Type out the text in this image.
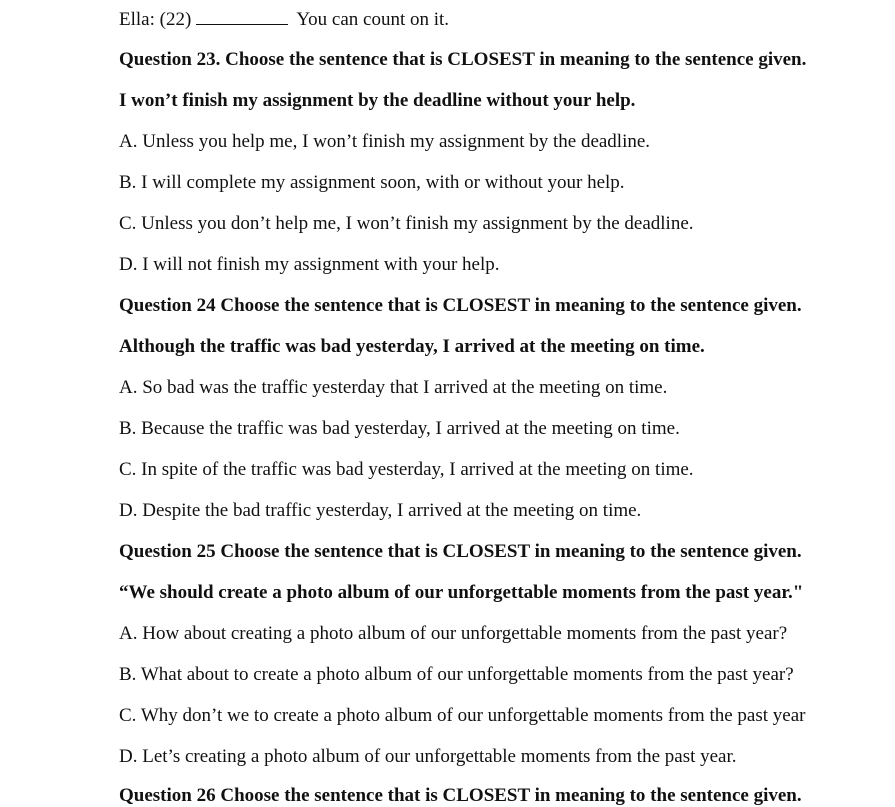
Ella: (22)	You can count on it.
Question 23. Choose the sentence that is CLOSEST in meaning to the sentence given.
I won’t finish my assignment by the deadline without your help.
A. Unless you help me, I won’t finish my assignment by the deadline.
B. I will complete my assignment soon, with or without your help.
C. Unless you don’t help me, I won’t finish my assignment by the deadline.
D. I will not finish my assignment with your help.
Question 24 Choose the sentence that is CLOSEST in meaning to the sentence given.
Although the traffic was bad yesterday, I arrived at the meeting on time.
A. So bad was the traffic yesterday that I arrived at the meeting on time.
B. Because the traffic was bad yesterday, I arrived at the meeting on time.
C. In spite of the traffic was bad yesterday, I arrived at the meeting on time.
D. Despite the bad traffic yesterday, I arrived at the meeting on time.
Question 25 Choose the sentence that is CLOSEST in meaning to the sentence given.
“We should create a photo album of our unforgettable moments from the past year."
A. How about creating a photo album of our unforgettable moments from the past year?
B. What about to create a photo album of our unforgettable moments from the past year?
C. Why don’t we to create a photo album of our unforgettable moments from the past year
D. Let’s creating a photo album of our unforgettable moments from the past year.
Question 26 Choose the sentence that is CLOSEST in meaning to the sentence given.
